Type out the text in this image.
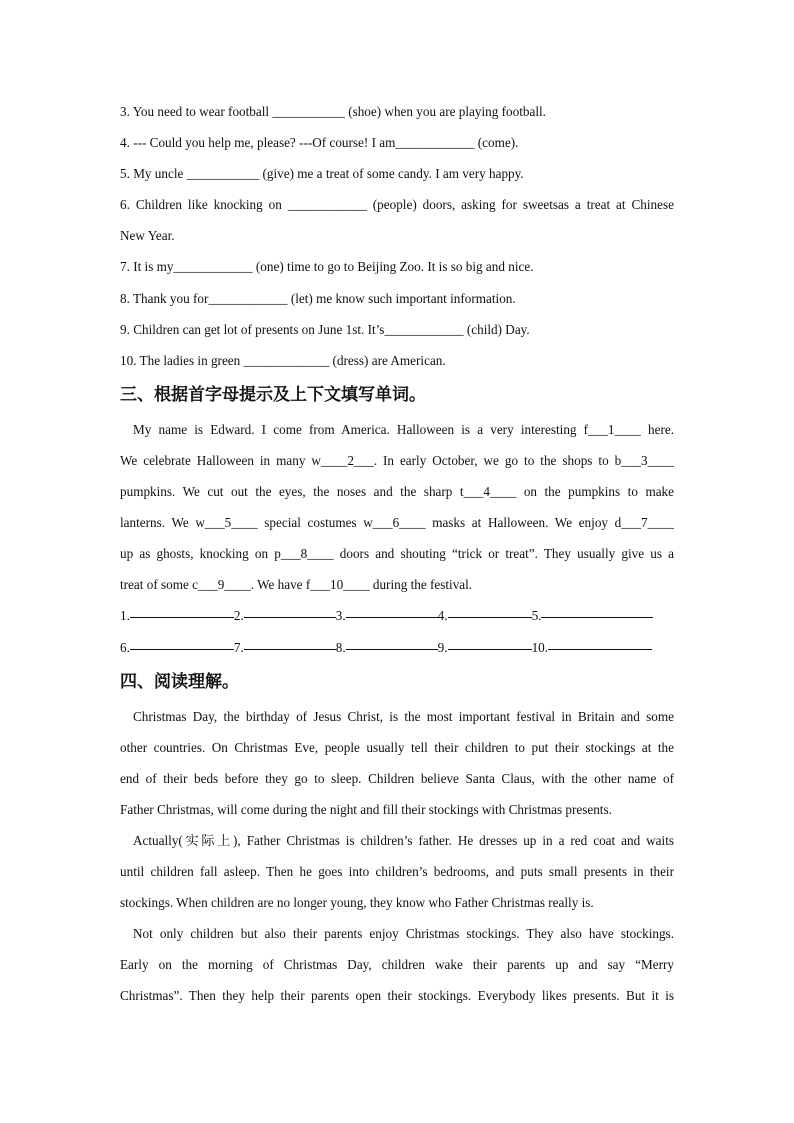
3. You need to wear football ___________ (shoe) when you are playing football.
4. --- Could you help me, please? ---Of course! I am____________ (come).
5. My uncle ___________ (give) me a treat of some candy. I am very happy.
6. Children like knocking on ____________ (people) doors, asking for sweetsas a treat at Chinese
New Year.
7. It is my____________ (one) time to go to Beijing Zoo. It is so big and nice.
8. Thank you for____________ (let) me know such important information.
9. Children can get lot of presents on June 1st. It’s____________ (child) Day.
10. The ladies in green _____________ (dress) are American.
三、根据首字母提示及上下文填写单词。
My name is Edward. I come from America. Halloween is a very interesting f___1____ here.
We celebrate Halloween in many w____2___. In early October, we go to the shops to b___3____
pumpkins. We cut out the eyes, the noses and the sharp t___4____ on the pumpkins to make
lanterns. We w___5____ special costumes w___6____ masks at Halloween. We enjoy d___7____
up as ghosts, knocking on p___8____ doors and shouting “trick or treat”. They usually give us a
treat of some c___9____. We have f___10____ during the festival.
1.	2.	3.	4.	5.
6.	7.	8.	9.	10.
四、阅读理解。
Christmas Day, the birthday of Jesus Christ, is the most important festival in Britain and some
other countries. On Christmas Eve, people usually tell their children to put their stockings at the
end of their beds before they go to sleep. Children believe Santa Claus, with the other name of
Father Christmas, will come during the night and fill their stockings with Christmas presents.
Actually(实际上), Father Christmas is children’s father. He dresses up in a red coat and waits
until children fall asleep. Then he goes into children’s bedrooms, and puts small presents in their
stockings. When children are no longer young, they know who Father Christmas really is.
Not only children but also their parents enjoy Christmas stockings. They also have stockings.
Early on the morning of Christmas Day, children wake their parents up and say “Merry
Christmas”. Then they help their parents open their stockings. Everybody likes presents. But it is
